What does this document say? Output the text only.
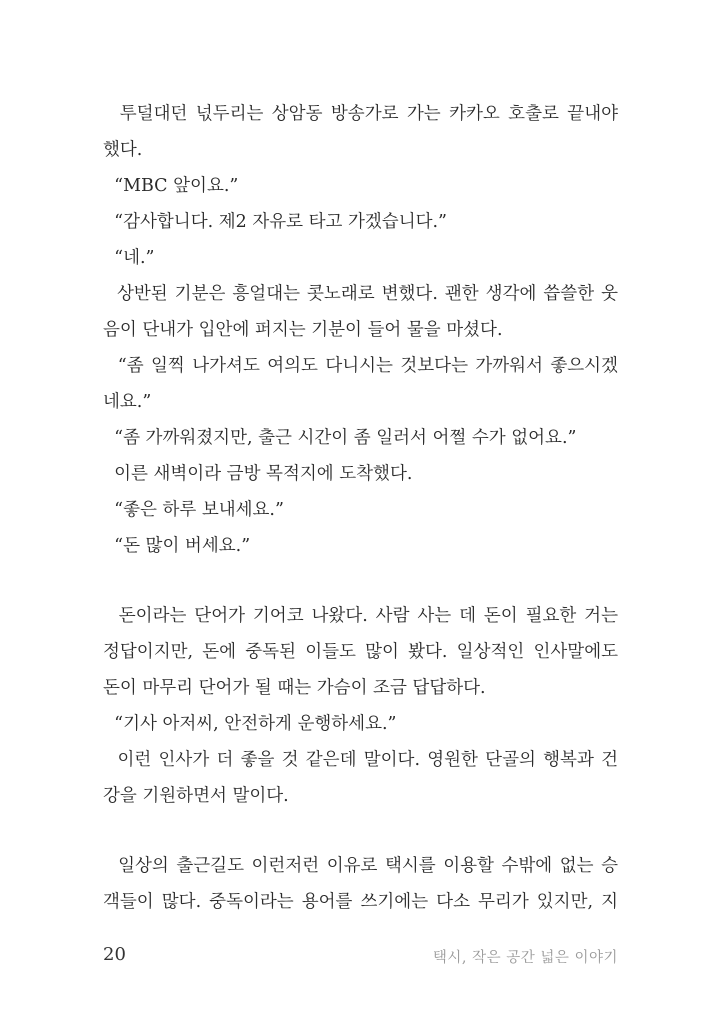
투덜대던 넋두리는 상암동 방송가로 가는 카카오 호출로 끝내야
했다.
“MBC 앞이요.”
“감사합니다. 제2 자유로 타고 가겠습니다.”
“네.”
상반된 기분은 흥얼대는 콧노래로 변했다. 괜한 생각에 씁쓸한 웃
음이 단내가 입안에 퍼지는 기분이 들어 물을 마셨다.
“좀 일찍 나가셔도 여의도 다니시는 것보다는 가까워서 좋으시겠
네요.”
“좀 가까워졌지만, 출근 시간이 좀 일러서 어쩔 수가 없어요.”
이른 새벽이라 금방 목적지에 도착했다.
“좋은 하루 보내세요.”
“돈 많이 버세요.”
돈이라는 단어가 기어코 나왔다. 사람 사는 데 돈이 필요한 거는
정답이지만, 돈에 중독된 이들도 많이 봤다. 일상적인 인사말에도
돈이 마무리 단어가 될 때는 가슴이 조금 답답하다.
“기사 아저씨, 안전하게 운행하세요.”
이런 인사가 더 좋을 것 같은데 말이다. 영원한 단골의 행복과 건
강을 기원하면서 말이다.
일상의 출근길도 이런저런 이유로 택시를 이용할 수밖에 없는 승
객들이 많다. 중독이라는 용어를 쓰기에는 다소 무리가 있지만, 지
20	택시, 작은 공간 넓은 이야기
